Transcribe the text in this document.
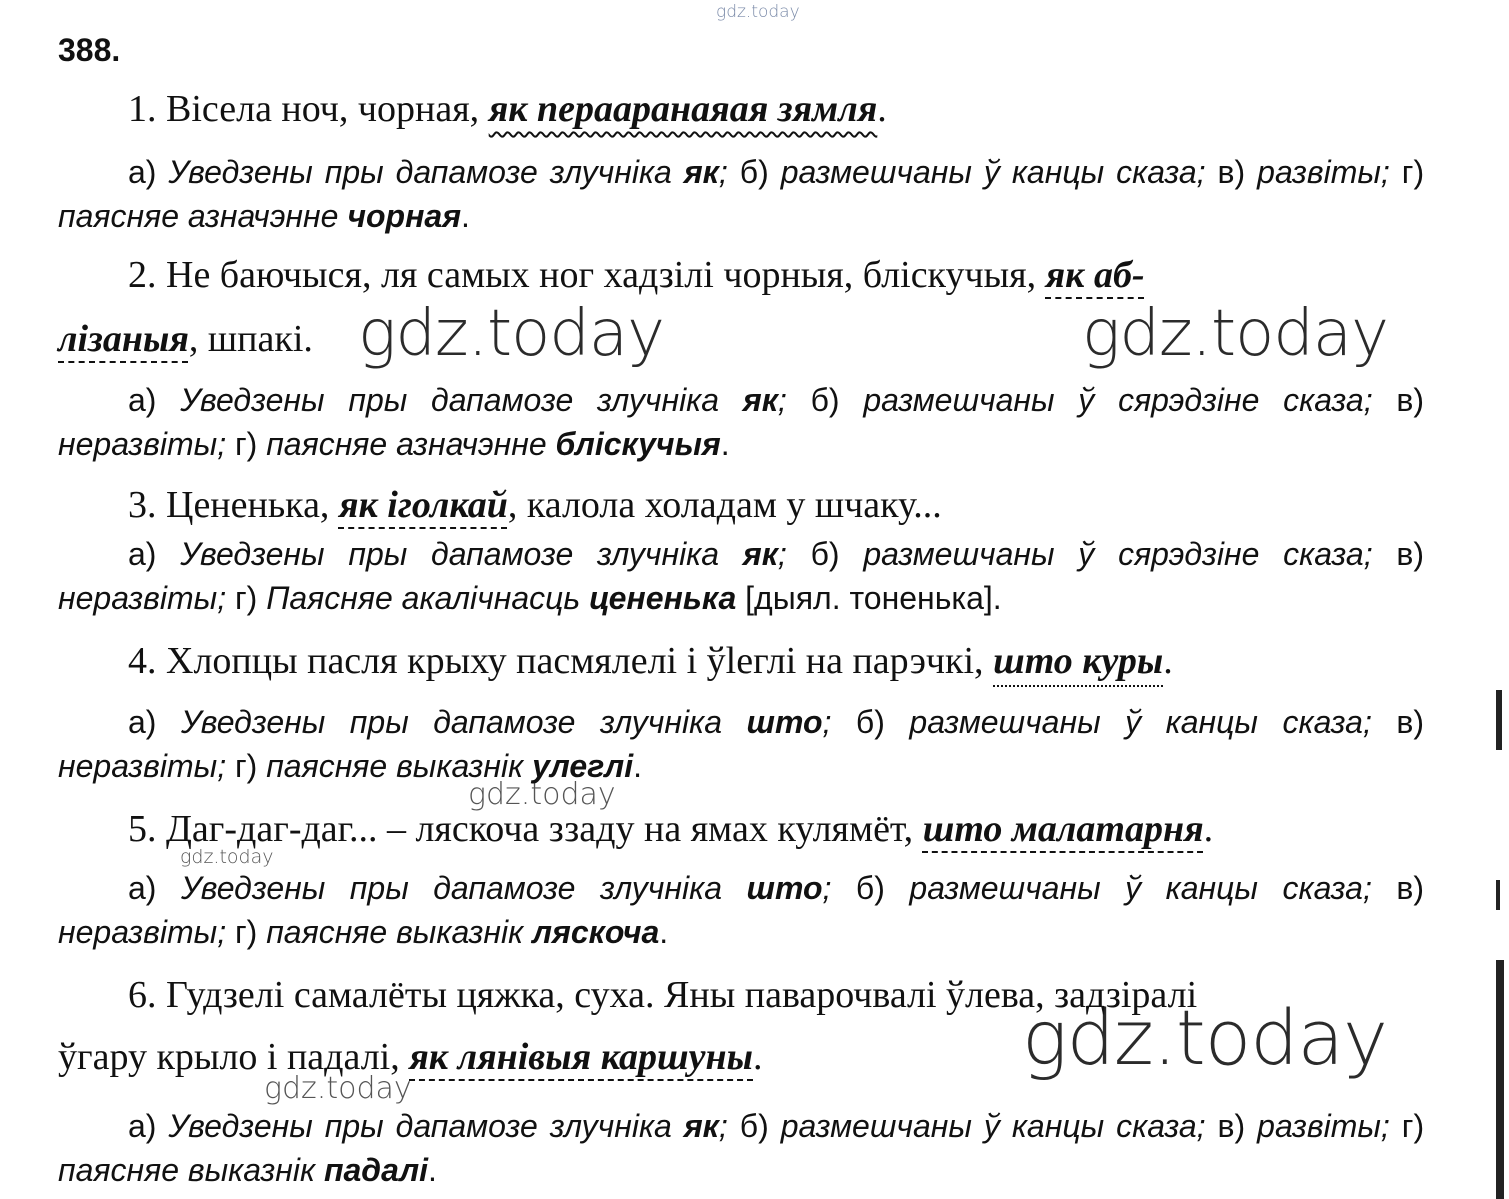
gdz.today
gdz.today	gdz.today
gdz.today
gdz.today
gdz.today
gdz.today
388.
1. Вісела ноч, чорная, як перааранаяая зямля.
а) Уведзены пры дапамозе злучніка як; б) размешчаны ў канцы сказа; в) развіты; г) паясняе азначэнне чорная.
2. Не баючыся, ля самых ног хадзілі чорныя, бліскучыя, як аб-
лізаныя, шпакі.
а) Уведзены пры дапамозе злучніка як; б) размешчаны ў сярэдзіне сказа; в) неразвіты; г) паясняе азначэнне бліскучыя.
3. Цененька, як іголкай, калола холадам у шчаку...
а) Уведзены пры дапамозе злучніка як; б) размешчаны ў сярэдзіне сказа; в) неразвіты; г) Паясняе акалічнасць цененька [дыял. тоненька].
4. Хлопцы пасля крыху пасмялелі і ўleглі на парэчкі, што куры.
а) Уведзены пры дапамозе злучніка што; б) размешчаны ў канцы сказа; в) неразвіты; г) паясняе выказнік улеглі.
5. Даг-даг-даг... – ляскоча ззаду на ямах кулямёт, што малатарня.
а) Уведзены пры дапамозе злучніка што; б) размешчаны ў канцы сказа; в) неразвіты; г) паясняе выказнік ляскоча.
6. Гудзелі самалёты цяжка, суха. Яны паварочвалі ўлева, задзіралі
ўгару крыло і падалі, як лянівыя каршуны.
а) Уведзены пры дапамозе злучніка як; б) размешчаны ў канцы сказа; в) развіты; г) паясняе выказнік падалі.
